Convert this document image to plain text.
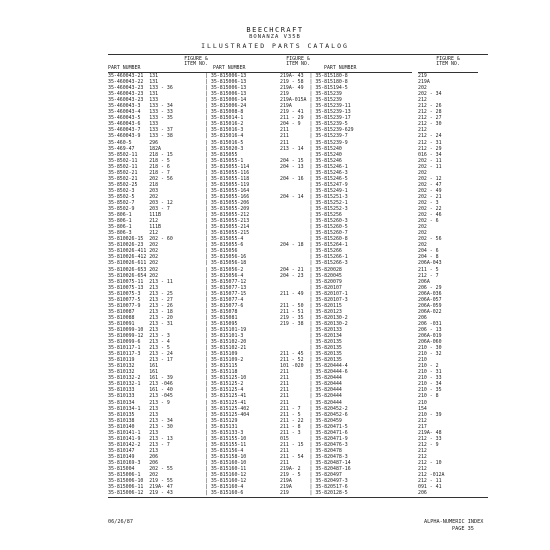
BEECHCRAFT
BONANZA V35B
ILLUSTRATED PARTS CATALOG
FIGURE &
ITEM NO.
PART NUMBER
35-460043-21  131
35-460043-22  131
35-460043-23  133 - 36
35-460043-23  131
35-460043-23  133
35-460043-3   133 - 34
35-460043-4   133 - 33
35-460043-5   133 - 35
35-460043-6   133
35-460043-7   133 - 37
35-460043-9   133 - 38
35-460-5      296
35-469-47     182A
35-8502-11    218 - 15
35-8502-11    218 - 5
35-8502-11    218 - 6
35-8502-21    218 - 7
35-8502-21    202 - 56
35-8502-25    218
35-8502-3     203
35-8502-5     202
35-8502-7     203 - 12
35-8502-9     203 - 7
35-806-1      111B
35-806-1      212
35-806-1      111B
35-806-3      212
35-810026-15  202 - 60
35-810026-23  202
35-810026-411 202
35-810026-412 202
35-810026-611 202
35-810026-653 202
35-810026-654 202
35-810075-11  213 - 11
35-810075-13  213
35-810075-3   213 - 25
35-810077-5   213 - 27
35-810077-9   213 - 26
35-810087     213 - 18
35-810088     213 - 20
35-810091     213 - 31
35-810099-10  213
35-810099-12  213 - 3
35-810099-6   213 - 4
35-810117-1   213 - 5
35-810117-3   213 - 24
35-810119     213 - 17
35-810132     161
35-810132     161
35-810132-2   161 - 39
35-810132-1   213 -046
35-810133     161 - 40
35-810133     213 -045
35-810134     213 - 9
35-810134-1   213
35-810135     213
35-810138     213 - 34
35-810140     213 - 30
35-810141-1   213
35-810141-9   213 - 13
35-810142-2   213 - 7
35-810147     213
35-810149     206
35-810169-3   206
35-815004     202 - 55
35-815006-1   202
35-815006-10  219 - 55
35-815006-11  219A- 47
35-815006-12  219 - 43
PART NUMBER
| 35-815006-13
| 35-815006-13
| 35-815006-13
| 35-815006-13
| 35-815006-14
| 35-815006-24
| 35-815008-8
| 35-815014-1
| 35-815016-2
| 35-815016-3
| 35-815016-4
| 35-815016-5
| 35-815020-3
| 35-815055
| 35-815055-1
| 35-815055-114
| 35-815055-116
| 35-815055-118
| 35-815055-119
| 35-815055-164
| 35-815055-166
| 35-815055-206
| 35-815055-209
| 35-815055-212
| 35-815055-213
| 35-815055-214
| 35-815055-215
| 35-815055-4
| 35-815055-6
| 35-815056
| 35-815056-16
| 35-815056-18
| 35-815056-2
| 35-815056-4
| 35-815077-12
| 35-815077-13
| 35-815077-15
| 35-815077-4
| 35-815077-6
| 35-815078
| 35-815081
| 35-815095
| 35-815101-19
| 35-815101-3
| 35-815102-20
| 35-815102-21
| 35-815109
| 35-815109-2
| 35-815115
| 35-815118
| 35-815125-10
| 35-815125-2
| 35-815125-4
| 35-815125-41
| 35-815125-41
| 35-815125-402
| 35-815125-404
| 35-815129
| 35-815131
| 35-815133-3
| 35-815155-10
| 35-815155-11
| 35-815156-4
| 35-815158-10
| 35-815160-10
| 35-815160-11
| 35-815160-12
| 35-815160-12
| 35-815160-4
| 35-815160-6
FIGURE &
ITEM NO.
PART NUMBER
219A- 43  | 35-815180-8
219 - 58  | 35-815180-8
219A- 49  | 35-815194-5
219       | 35-815239
219A-015A | 35-815239
219A      | 35-815239-11
219 - 41  | 35-815239-13
211 - 29  | 35-815239-17
204 - 9   | 35-815239-5
211       | 35-815239-629
211       | 35-815239-7
211       | 35-815239-9
213 - 14  | 35-815240
| 35-815240
204 - 15  | 35-815246
204 - 13  | 35-815246-1
| 35-815246-3
204 - 16  | 35-815246-5
| 35-815247-9
| 35-815249-1
204 - 14  | 35-815251-3
| 35-815252-1
| 35-815252-3
| 35-815256
| 35-815260-3
| 35-815260-5
| 35-815260-7
| 35-815260-8
204 - 18  | 35-815264-1
| 35-815266
| 35-815266-1
| 35-815266-3
204 - 21  | 35-820028
204 - 23  | 35-820045
| 35-820079
| 35-820107
211 - 49  | 35-820107-1
| 35-820107-3
211 - 50  | 35-820115
211 - 51  | 35-820123
219 - 35  | 35-820130-2
219 - 38  | 35-820130-2
| 35-820133
| 35-820134
| 35-820135
| 35-820135
211 - 45  | 35-820135
211 - 52  | 35-820135
101 -020  | 35-820444-4
211       | 35-820444-6
211       | 35-820444
211       | 35-820444
211       | 35-820444
211       | 35-820444
211       | 35-820444
211 - 7   | 35-820452-2
211 - 5   | 35-820452-6
211 - 22  | 35-820459
211 - 8   | 35-820471-5
211 - 3   | 35-820471-6
015       | 35-820471-9
211 - 15  | 35-820476-3
211       | 35-820478
211 - 54  | 35-820478-3
211       | 35-820487-14
219A- 2   | 35-820487-16
219 - 5   | 35-820497
219A      | 35-820497-3
219A      | 35-820517-6
219       | 35-820128-5
FIGURE &
ITEM NO.
219
219A
202
202 - 34
212
212 - 26
212 - 28
212 - 27
212 - 30
212
212 - 24
212 - 31
212 - 29
016 - 34
202 - 11
202 - 11
202
202 - 12
202 - 47
202 - 49
202 - 21
202 - 3
202 - 22
202 - 46
202 - 6
202
202
202 - 56
202
204 - 6
204 - 8
206A-043
211 - 5
212 - 7
206A
206 - 29
206A-036
206A-057
206A-059
206A-022
206
206 -031
206 - 13
206A-019
206A-060
210 - 30
210 - 32
210
210 - 2
210 - 31
210 - 33
210 - 34
210 - 35
210 - 8
210
154
210 - 39
212
217
219A- 48
212 - 33
212 - 9
212
212
212 - 10
212
212 -012A
212 - 11
091 - 41
206
06/26/87	ALPHA-NUMERIC INDEX
PAGE 35
